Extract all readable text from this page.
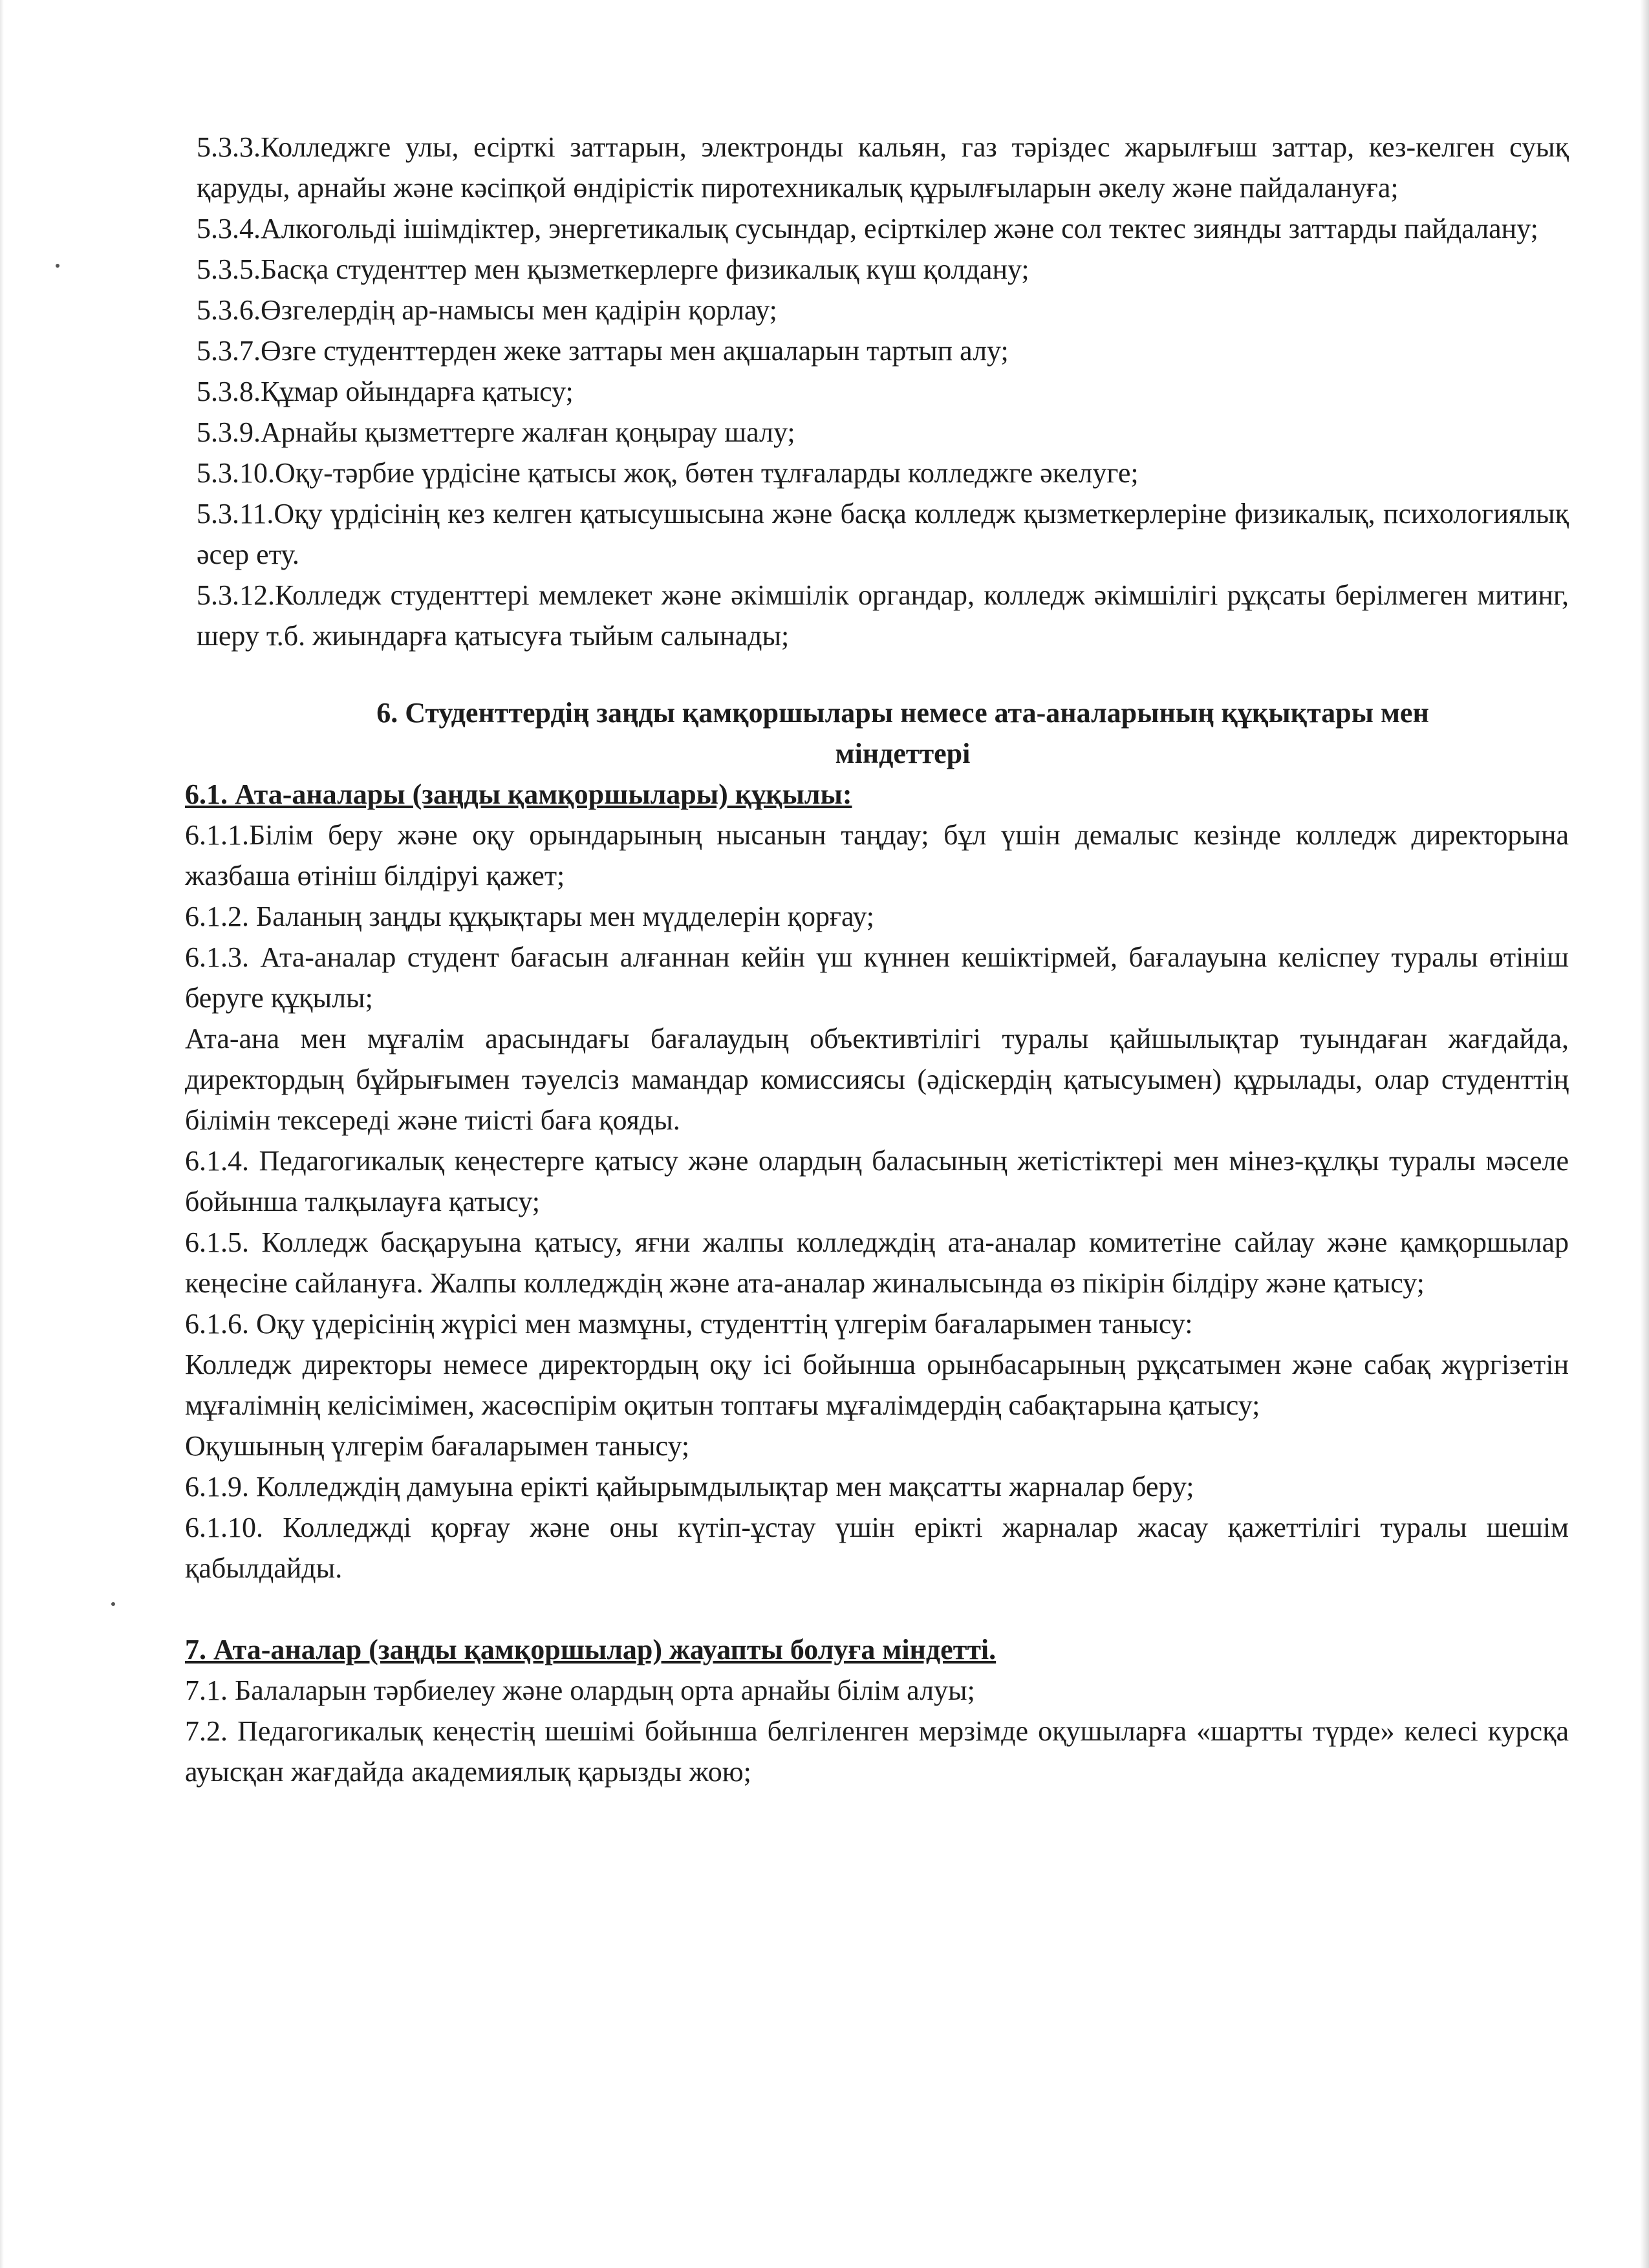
5.3.3.Колледжге улы, есірткі заттарын, электронды кальян, газ тәріздес жарылғыш заттар, кез-келген суық қаруды, арнайы және кәсіпқой өндірістік пиротехникалық құрылғыларын әкелу және пайдалануға;

5.3.4.Алкогольді ішімдіктер, энергетикалық сусындар, есірткілер және сол тектес зиянды заттарды пайдалану;

5.3.5.Басқа студенттер мен қызметкерлерге физикалық күш қолдану;

5.3.6.Өзгелердің ар-намысы мен қадірін қорлау;

5.3.7.Өзге студенттерден жеке заттары мен ақшаларын тартып алу;

5.3.8.Құмар ойындарға қатысу;

5.3.9.Арнайы қызметтерге жалған қоңырау шалу;

5.3.10.Оқу-тәрбие үрдісіне қатысы жоқ, бөтен тұлғаларды колледжге әкелуге;

5.3.11.Оқу үрдісінің кез келген қатысушысына және басқа колледж қызметкерлеріне физикалық, психологиялық әсер ету.

5.3.12.Колледж студенттері мемлекет және әкімшілік органдар, колледж әкімшілігі рұқсаты берілмеген митинг, шеру т.б. жиындарға қатысуға тыйым салынады;

6. Студенттердің заңды қамқоршылары немесе ата-аналарының құқықтары мен

міндеттері

6.1. Ата-аналары (заңды қамқоршылары) құқылы:

6.1.1.Білім беру және оқу орындарының нысанын таңдау; бұл үшін демалыс кезінде колледж директорына жазбаша өтініш білдіруі қажет;

6.1.2. Баланың заңды құқықтары мен мүдделерін қорғау;

6.1.3. Ата-аналар студент бағасын алғаннан кейін үш күннен кешіктірмей, бағалауына келіспеу туралы өтініш беруге құқылы;

Ата-ана мен мұғалім арасындағы бағалаудың объективтілігі туралы қайшылықтар туындаған жағдайда, директордың бұйрығымен тәуелсіз мамандар комиссиясы (әдіскердің қатысуымен) құрылады, олар студенттің білімін тексереді және тиісті баға қояды.

6.1.4. Педагогикалық кеңестерге қатысу және олардың баласының жетістіктері мен мінез-құлқы туралы мәселе бойынша талқылауға қатысу;

6.1.5. Колледж басқаруына қатысу, яғни жалпы колледждің ата-аналар комитетіне сайлау және қамқоршылар кеңесіне сайлануға. Жалпы колледждің және ата-аналар жиналысында өз пікірін білдіру және қатысу;

6.1.6. Оқу үдерісінің жүрісі мен мазмұны, студенттің үлгерім бағаларымен танысу:

Колледж директоры немесе директордың оқу ісі бойынша орынбасарының рұқсатымен және сабақ жүргізетін мұғалімнің келісімімен, жасөспірім оқитын топтағы мұғалімдердің сабақтарына қатысу;

Оқушының үлгерім бағаларымен танысу;

6.1.9. Колледждің дамуына ерікті қайырымдылықтар мен мақсатты жарналар беру;

6.1.10. Колледжді қорғау және оны күтіп-ұстау үшін ерікті жарналар жасау қажеттілігі туралы шешім қабылдайды.

7. Ата-аналар (заңды қамқоршылар) жауапты болуға міндетті.

7.1. Балаларын тәрбиелеу және олардың орта арнайы білім алуы;

7.2. Педагогикалық кеңестің шешімі бойынша белгіленген мерзімде оқушыларға «шартты түрде» келесі курсқа ауысқан жағдайда академиялық қарызды жою;
